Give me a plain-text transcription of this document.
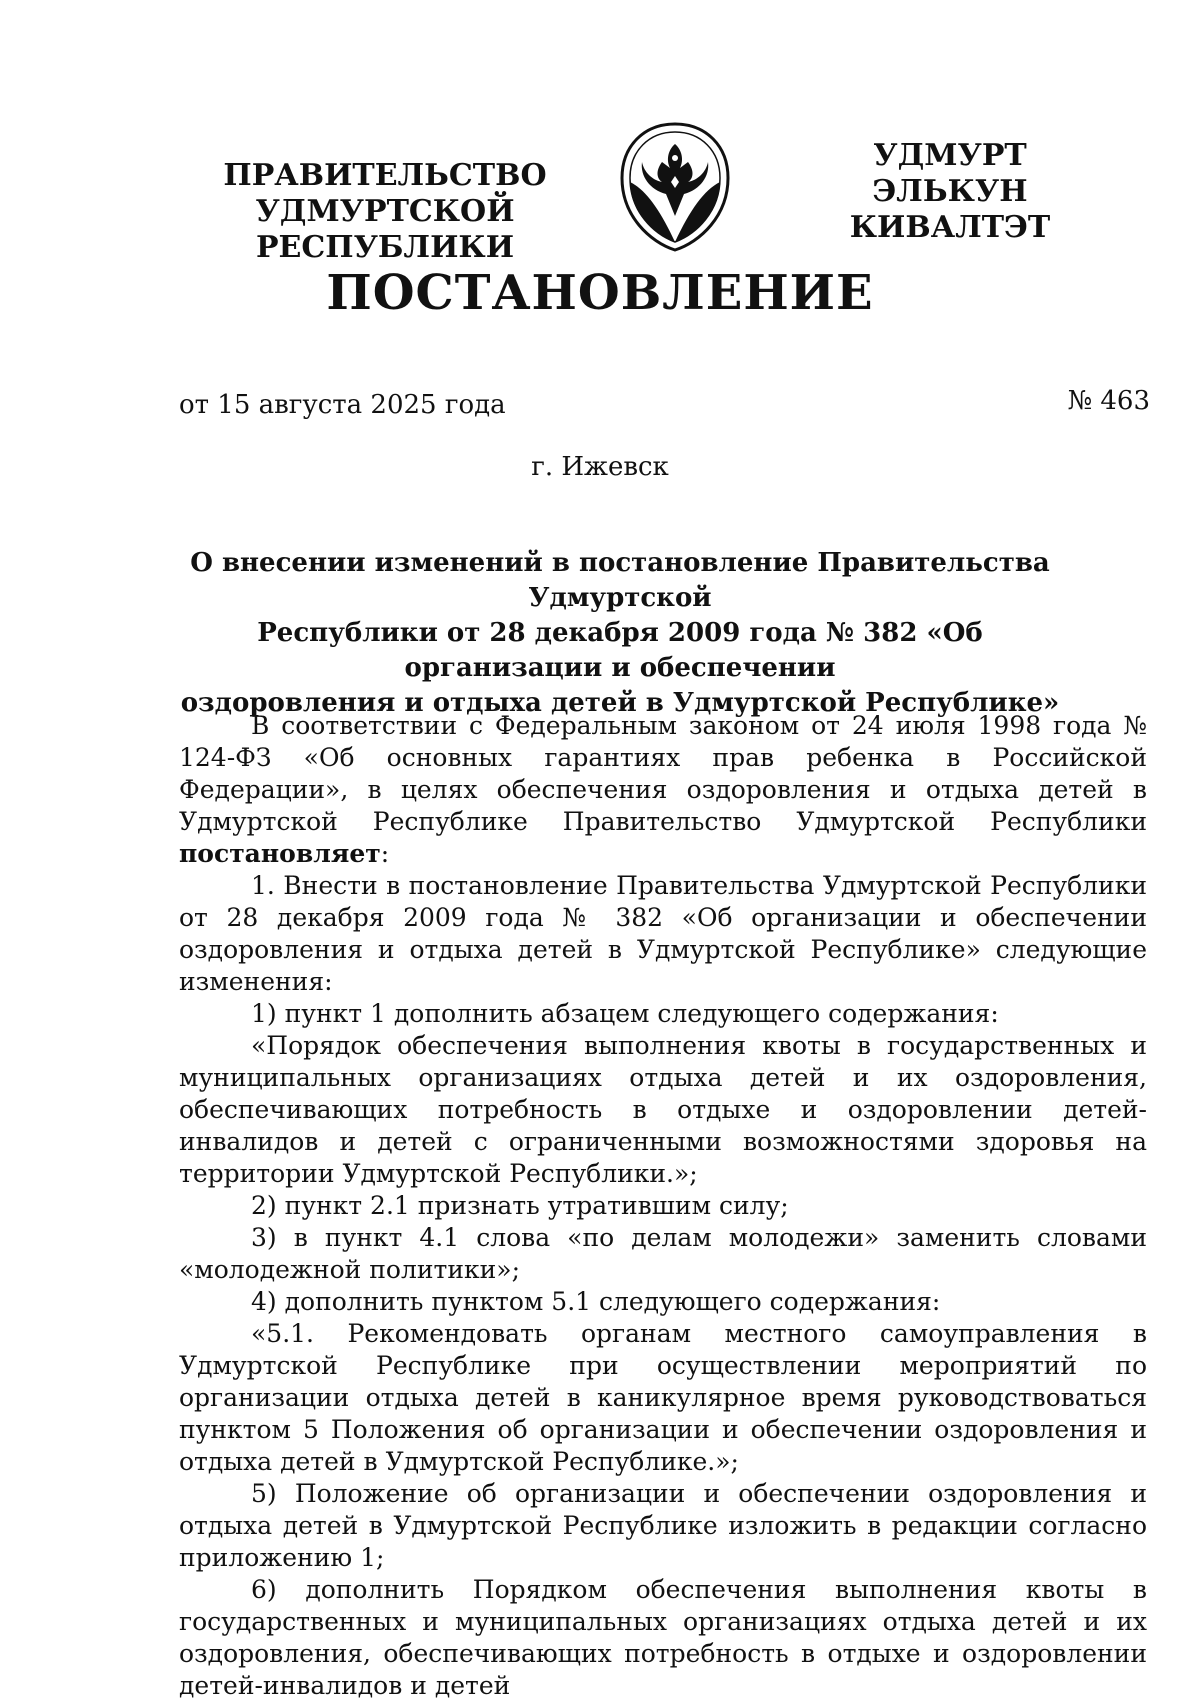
ПРАВИТЕЛЬСТВО
УДМУРТСКОЙ РЕСПУБЛИКИ
УДМУРТ ЭЛЬКУН
КИВАЛТЭТ
ПОСТАНОВЛЕНИЕ
от 15 августа 2025 года	№ 463
г. Ижевск
О внесении изменений в постановление Правительства Удмуртской
Республики от 28 декабря 2009 года № 382 «Об организации и обеспечении
оздоровления и отдыха детей в Удмуртской Республике»

В соответствии с Федеральным законом от 24 июля 1998 года № 124-ФЗ «Об основных гарантиях прав ребенка в Российской Федерации», в целях обеспечения оздоровления и отдыха детей в Удмуртской Республике Правительство Удмуртской Республики постановляет:

1. Внести в постановление Правительства Удмуртской Республики от 28 декабря 2009 года № 382 «Об организации и обеспечении оздоровления и отдыха детей в Удмуртской Республике» следующие изменения:

1) пункт 1 дополнить абзацем следующего содержания:

«Порядок обеспечения выполнения квоты в государственных и муниципальных организациях отдыха детей и их оздоровления, обеспечивающих потребность в отдыхе и оздоровлении детей-инвалидов и детей с ограниченными возможностями здоровья на территории Удмуртской Республики.»;

2) пункт 2.1 признать утратившим силу;

3) в пункт 4.1 слова «по делам молодежи» заменить словами «молодежной политики»;

4) дополнить пунктом 5.1 следующего содержания:

«5.1. Рекомендовать органам местного самоуправления в Удмуртской Республике при осуществлении мероприятий по организации отдыха детей в каникулярное время руководствоваться пунктом 5 Положения об организации и обеспечении оздоровления и отдыха детей в Удмуртской Республике.»;

5) Положение об организации и обеспечении оздоровления и отдыха детей в Удмуртской Республике изложить в редакции согласно приложению 1;

6) дополнить Порядком обеспечения выполнения квоты в государственных и муниципальных организациях отдыха детей и их оздоровления, обеспечивающих потребность в отдыхе и оздоровлении детей-инвалидов и детей
